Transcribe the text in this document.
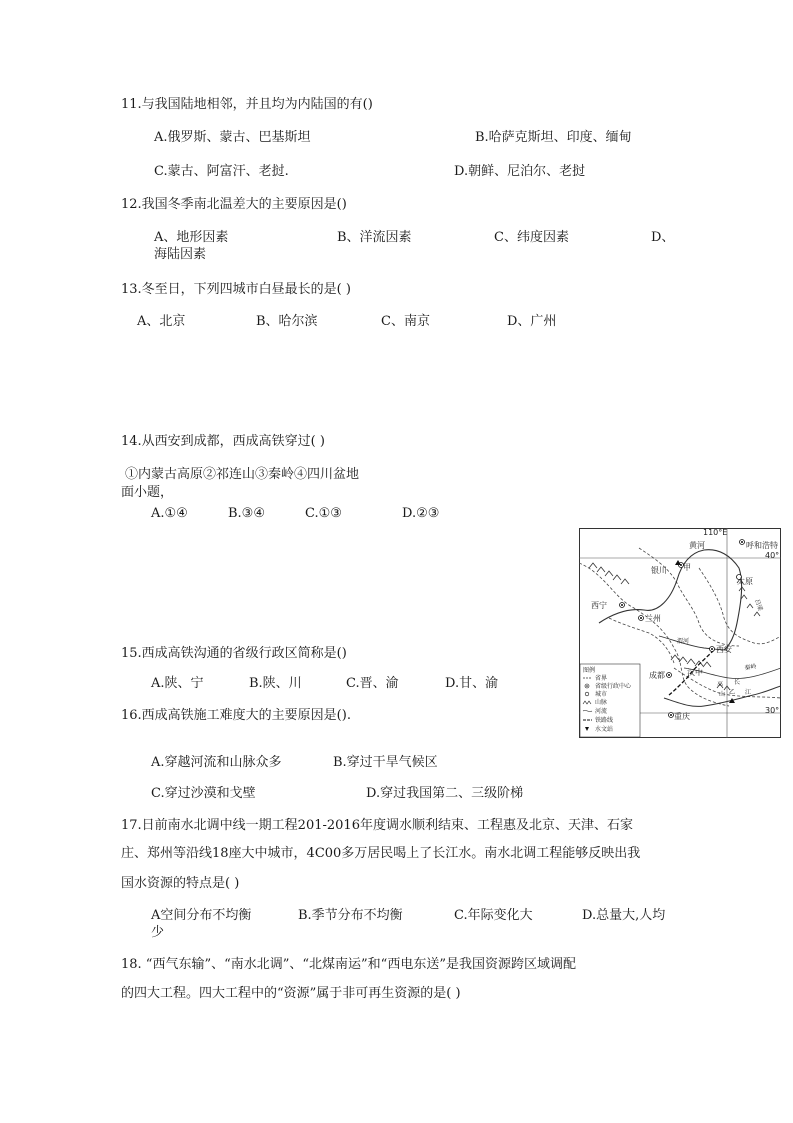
11.与我国陆地相邻，并且均为内陆国的有()
A.俄罗斯、蒙古、巴基斯坦	B.哈萨克斯坦、印度、缅甸
C.蒙古、阿富汗、老挝.	D.朝鲜、尼泊尔、老挝
12.我国冬季南北温差大的主要原因是()
A、地形因素	B、洋流因素	C、纬度因素	D、
海陆因素
13.冬至日，下列四城市白昼最长的是( )
A、北京	B、哈尔滨	C、南京	D、广州
14.从西安到成都，西成高铁穿过( )
①内蒙古高原②祁连山③秦岭④四川盆地
面小题，
A.①④	B.③④	C.①③	D.②③
110°E
40°
30°
黄河	呼和浩特
银川 甲
太原
西宁
兰州
渭河
西安
汉中
成都
重庆
乙
长
江
巫
山
吕梁
秦岭
图例
省界
省级行政中心
城市
山脉
河流
铁路线
水文站
15.西成高铁沟通的省级行政区简称是()
A.陕、宁	B.陕、川	C.晋、渝	D.甘、渝
16.西成高铁施工难度大的主要原因是().
A.穿越河流和山脉众多	B.穿过干旱气候区
C.穿过沙漠和戈壁	D.穿过我国第二、三级阶梯
17.日前南水北调中线一期工程201-2016年度调水顺利结束、工程惠及北京、天津、石家
庄、郑州等沿线18座大中城市，4C00多万居民喝上了长江水。南水北调工程能够反映出我
国水资源的特点是( )
A空间分布不均衡	B.季节分布不均衡	C.年际变化大	D.总量大,人均
少
18. “西气东输”、“南水北调”、“北煤南运”和“西电东送”是我国资源跨区域调配
的四大工程。四大工程中的“资源”属于非可再生资源的是( )
